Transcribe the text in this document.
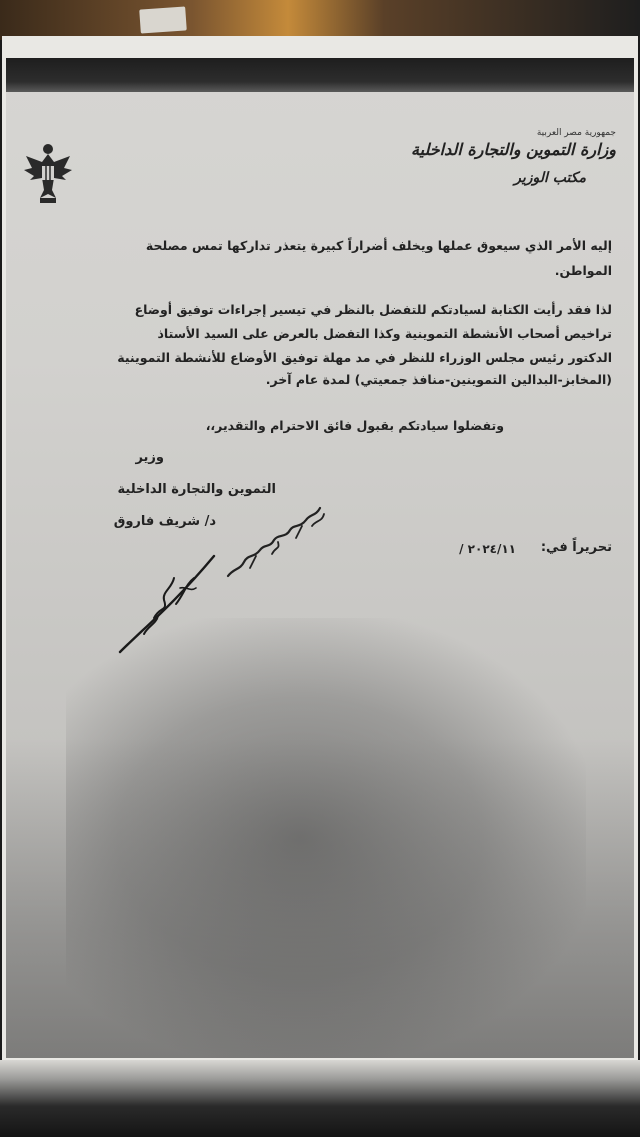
جمهورية مصر العربية
وزارة التموين والتجارة الداخلية
مكتب الوزير
إليه الأمر الذي سيعوق عملها ويخلف أضراراً كبيرة يتعذر تداركها تمس مصلحة
المواطن.
لذا فقد رأيت الكتابة لسيادتكم للتفضل بالنظر في تيسير إجراءات توفيق أوضاع
تراخيص أصحاب الأنشطة التموينية وكذا التفضل بالعرض على السيد الأستاذ
الدكتور رئيس مجلس الوزراء للنظر في مد مهلة توفيق الأوضاع للأنشطة التموينية
(المخابز-البدالين التموينين-منافذ جمعيتي) لمدة عام آخر.
وتفضلوا سيادتكم بقبول فائق الاحترام والتقدير،،
وزير
التموين والتجارة الداخلية
د/ شريف فاروق
تحريراً في:
/ ٢٠٢٤/١١
